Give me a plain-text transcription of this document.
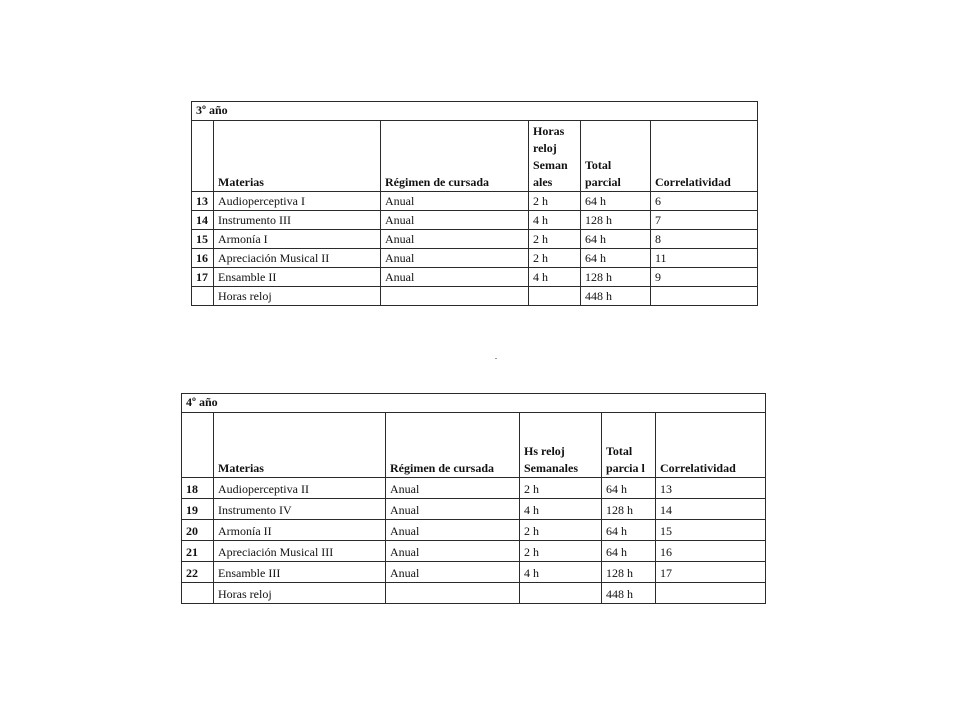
3º año					
	Materias	Régimen de cursada	Horas reloj Seman ales	Total parcial	Correlatividad
13	Audioperceptiva I	Anual	2 h	64 h	6
14	Instrumento III	Anual	4 h	128 h	7
15	Armonía I	Anual	2 h	64 h	8
16	Apreciación Musical II	Anual	2 h	64 h	11
17	Ensamble II	Anual	4 h	128 h	9
	Horas reloj			448 h	
4º año					
	Materias	Régimen de cursada	Hs reloj Semanales	Total parcia l	Correlatividad
18	Audioperceptiva II	Anual	2 h	64 h	13
19	Instrumento IV	Anual	4 h	128 h	14
20	Armonía II	Anual	2 h	64 h	15
21	Apreciación Musical III	Anual	2 h	64 h	16
22	Ensamble III	Anual	4 h	128 h	17
	Horas reloj			448 h	
